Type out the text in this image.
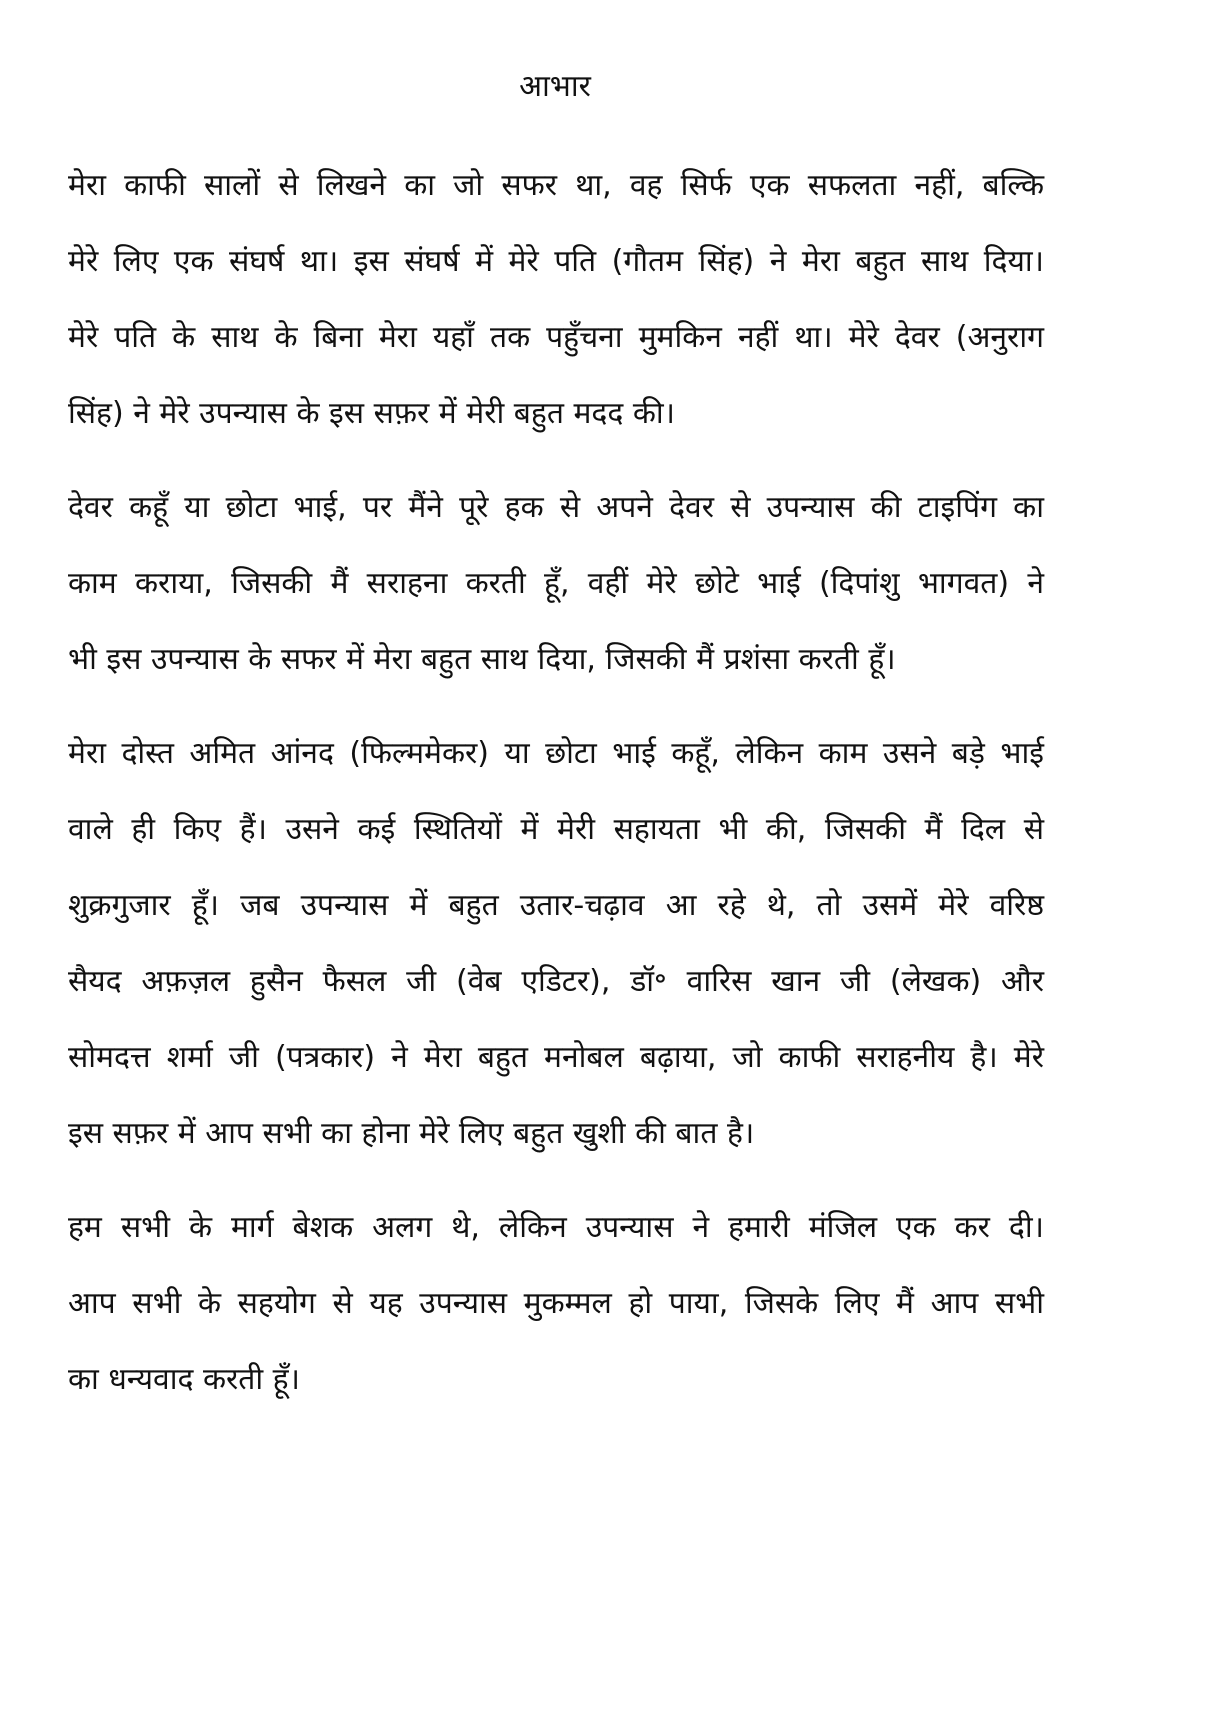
आभार
मेरा काफी सालों से लिखने का जो सफर था, वह सिर्फ एक सफलता नहीं, बल्कि
मेरे लिए एक संघर्ष था। इस संघर्ष में मेरे पति (गौतम सिंह) ने मेरा बहुत साथ दिया।
मेरे पति के साथ के बिना मेरा यहाँ तक पहुँचना मुमकिन नहीं था। मेरे देवर (अनुराग
सिंह) ने मेरे उपन्यास के इस सफ़र में मेरी बहुत मदद की।
देवर कहूँ या छोटा भाई, पर मैंने पूरे हक से अपने देवर से उपन्यास की टाइपिंग का
काम कराया, जिसकी मैं सराहना करती हूँ, वहीं मेरे छोटे भाई (दिपांशु भागवत) ने
भी इस उपन्यास के सफर में मेरा बहुत साथ दिया, जिसकी मैं प्रशंसा करती हूँ।
मेरा दोस्त अमित आंनद (फिल्ममेकर) या छोटा भाई कहूँ, लेकिन काम उसने बड़े भाई
वाले ही किए हैं। उसने कई स्थितियों में मेरी सहायता भी की, जिसकी मैं दिल से
शुक्रगुजार हूँ। जब उपन्यास में बहुत उतार-चढ़ाव आ रहे थे, तो उसमें मेरे वरिष्ठ
सैयद अफ़ज़ल हुसैन फैसल जी (वेब एडिटर), डॉ॰ वारिस खान जी (लेखक) और
सोमदत्त शर्मा जी (पत्रकार) ने मेरा बहुत मनोबल बढ़ाया, जो काफी सराहनीय है। मेरे
इस सफ़र में आप सभी का होना मेरे लिए बहुत खुशी की बात है।
हम सभी के मार्ग बेशक अलग थे, लेकिन उपन्यास ने हमारी मंजिल एक कर दी।
आप सभी के सहयोग से यह उपन्यास मुकम्मल हो पाया, जिसके लिए मैं आप सभी
का धन्यवाद करती हूँ।
